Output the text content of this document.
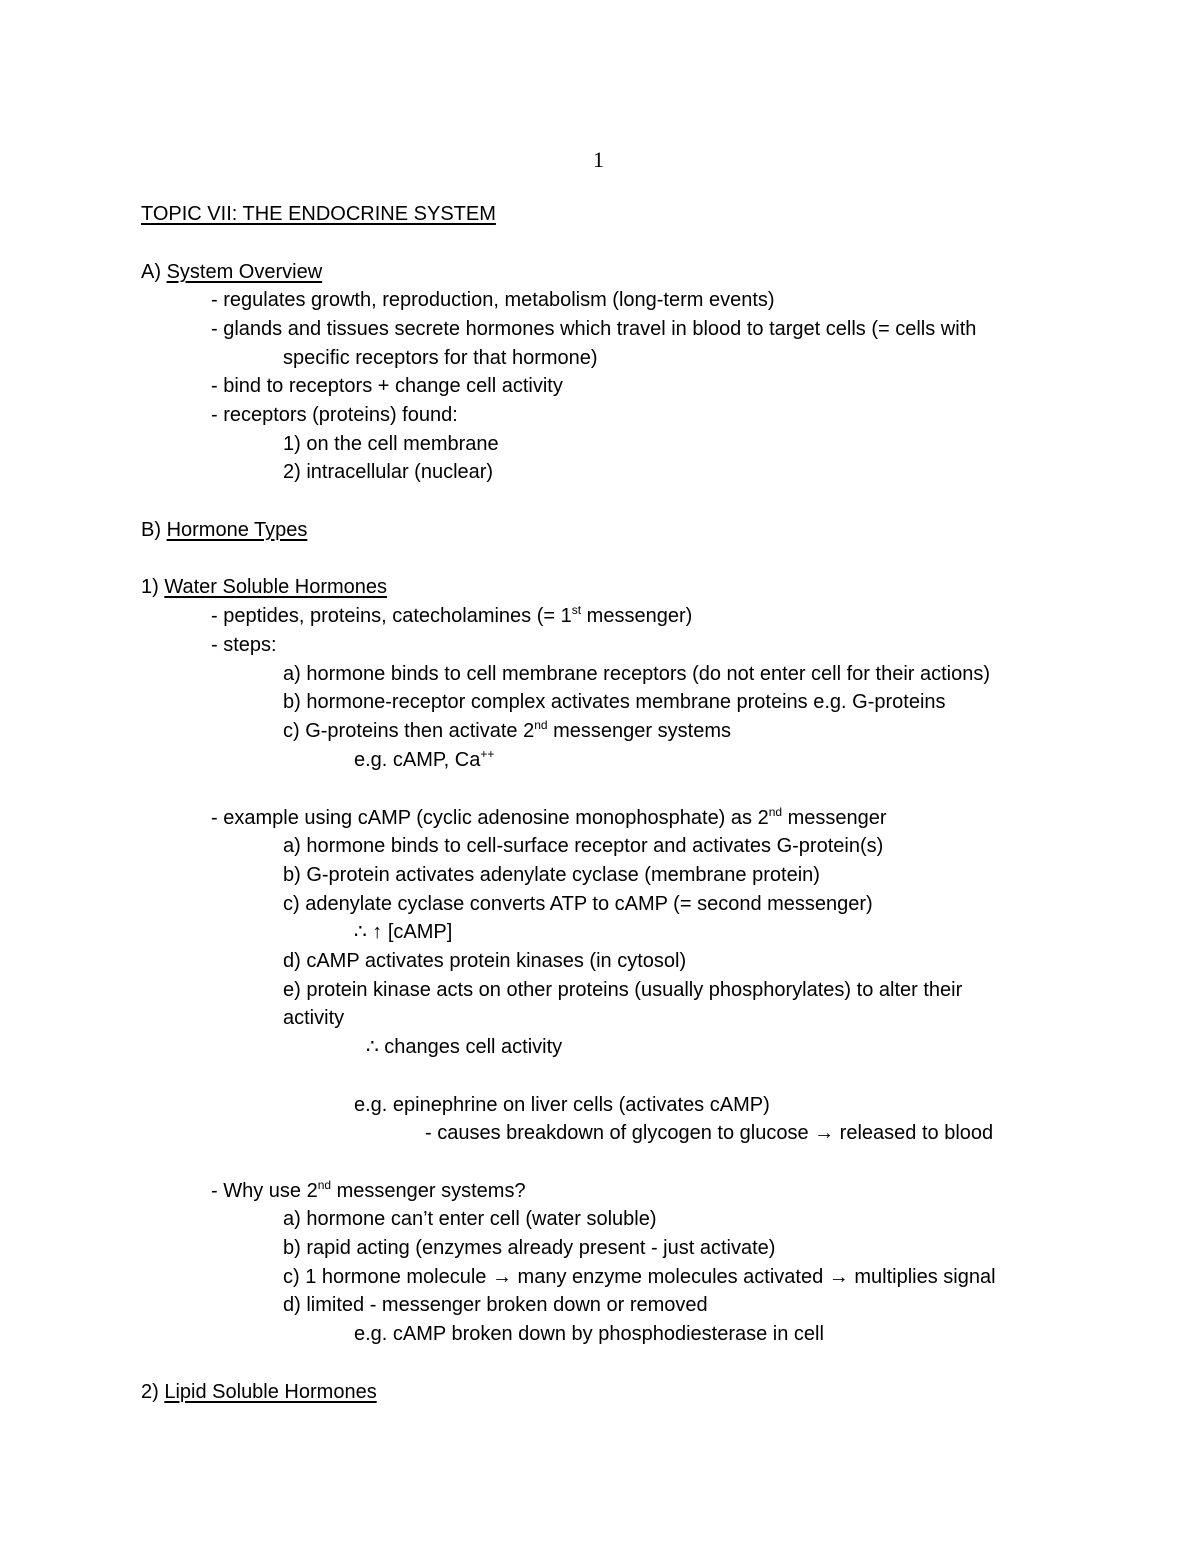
1
TOPIC VII: THE ENDOCRINE SYSTEM
A) System Overview
- regulates growth, reproduction, metabolism (long-term events)
- glands and tissues secrete hormones which travel in blood to target cells (= cells with
specific receptors for that hormone)
- bind to receptors + change cell activity
- receptors (proteins) found:
1) on the cell membrane
2) intracellular (nuclear)
B) Hormone Types
1) Water Soluble Hormones
- peptides, proteins, catecholamines (= 1st messenger)
- steps:
a) hormone binds to cell membrane receptors (do not enter cell for their actions)
b) hormone-receptor complex activates membrane proteins e.g. G-proteins
c) G-proteins then activate 2nd messenger systems
e.g. cAMP, Ca++
- example using cAMP (cyclic adenosine monophosphate) as 2nd messenger
a) hormone binds to cell-surface receptor and activates G-protein(s)
b) G-protein activates adenylate cyclase (membrane protein)
c) adenylate cyclase converts ATP to cAMP (= second messenger)
∴ ↑ [cAMP]
d) cAMP activates protein kinases (in cytosol)
e) protein kinase acts on other proteins (usually phosphorylates) to alter their
activity
∴ changes cell activity
e.g. epinephrine on liver cells (activates cAMP)
- causes breakdown of glycogen to glucose → released to blood
- Why use 2nd messenger systems?
a) hormone can’t enter cell (water soluble)
b) rapid acting (enzymes already present - just activate)
c) 1 hormone molecule → many enzyme molecules activated → multiplies signal
d) limited - messenger broken down or removed
e.g. cAMP broken down by phosphodiesterase in cell
2) Lipid Soluble Hormones
